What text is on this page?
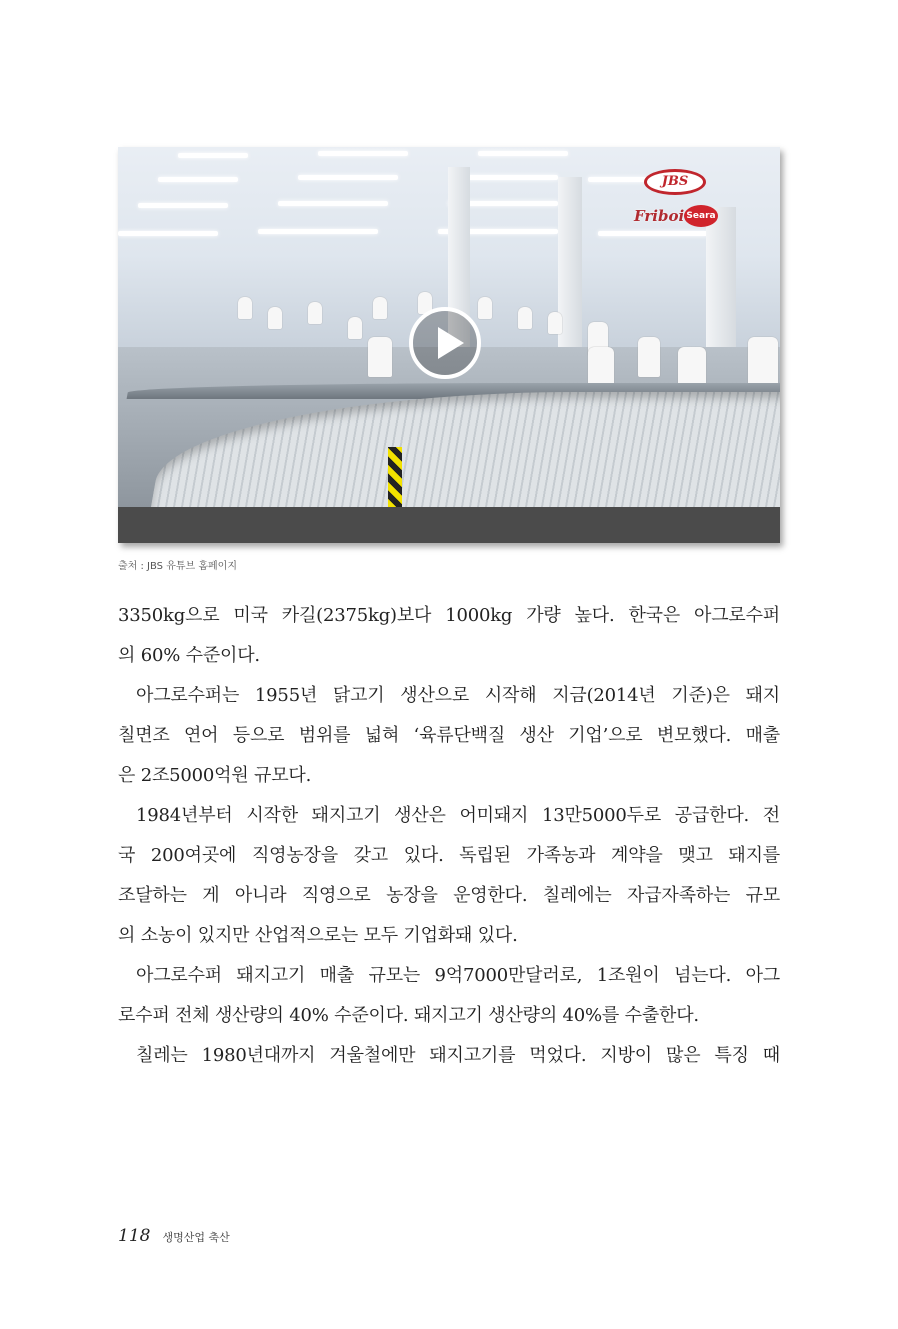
JBS
Friboi Seara
출처 : JBS 유튜브 홈페이지
3350kg으로 미국 카길(2375kg)보다 1000kg 가량 높다. 한국은 아그로수퍼
의 60% 수준이다.
아그로수퍼는 1955년 닭고기 생산으로 시작해 지금(2014년 기준)은 돼지
칠면조 연어 등으로 범위를 넓혀 ‘육류단백질 생산 기업’으로 변모했다. 매출
은 2조5000억원 규모다.
1984년부터 시작한 돼지고기 생산은 어미돼지 13만5000두로 공급한다. 전
국 200여곳에 직영농장을 갖고 있다. 독립된 가족농과 계약을 맺고 돼지를
조달하는 게 아니라 직영으로 농장을 운영한다. 칠레에는 자급자족하는 규모
의 소농이 있지만 산업적으로는 모두 기업화돼 있다.
아그로수퍼 돼지고기 매출 규모는 9억7000만달러로, 1조원이 넘는다. 아그
로수퍼 전체 생산량의 40% 수준이다. 돼지고기 생산량의 40%를 수출한다.
칠레는 1980년대까지 겨울철에만 돼지고기를 먹었다. 지방이 많은 특징 때
118 생명산업 축산
